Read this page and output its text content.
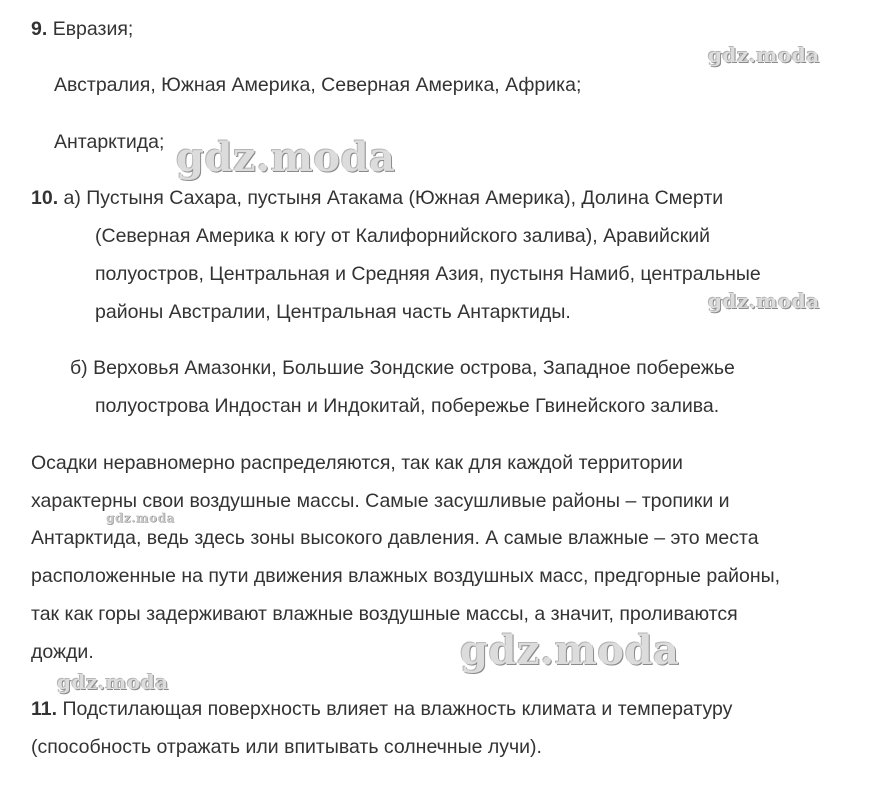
9. Евразия;
Австралия, Южная Америка, Северная Америка, Африка;
Антарктида;
10. а) Пустыня Сахара, пустыня Атакама (Южная Америка), Долина Смерти
(Северная Америка к югу от Калифорнийского залива), Аравийский
полуостров, Центральная и Средняя Азия, пустыня Намиб, центральные
районы Австралии, Центральная часть Антарктиды.
б) Верховья Амазонки, Большие Зондские острова, Западное побережье
полуострова Индостан и Индокитай, побережье Гвинейского залива.
Осадки неравномерно распределяются, так как для каждой территории
характерны свои воздушные массы. Самые засушливые районы – тропики и
Антарктида, ведь здесь зоны высокого давления. А самые влажные – это места
расположенные на пути движения влажных воздушных масс, предгорные районы,
так как горы задерживают влажные воздушные массы, а значит, проливаются
дожди.
11. Подстилающая поверхность влияет на влажность климата и температуру
(способность отражать или впитывать солнечные лучи).
gdz.moda
gdz.moda
gdz.moda
gdz.moda
gdz.moda
gdz.moda
